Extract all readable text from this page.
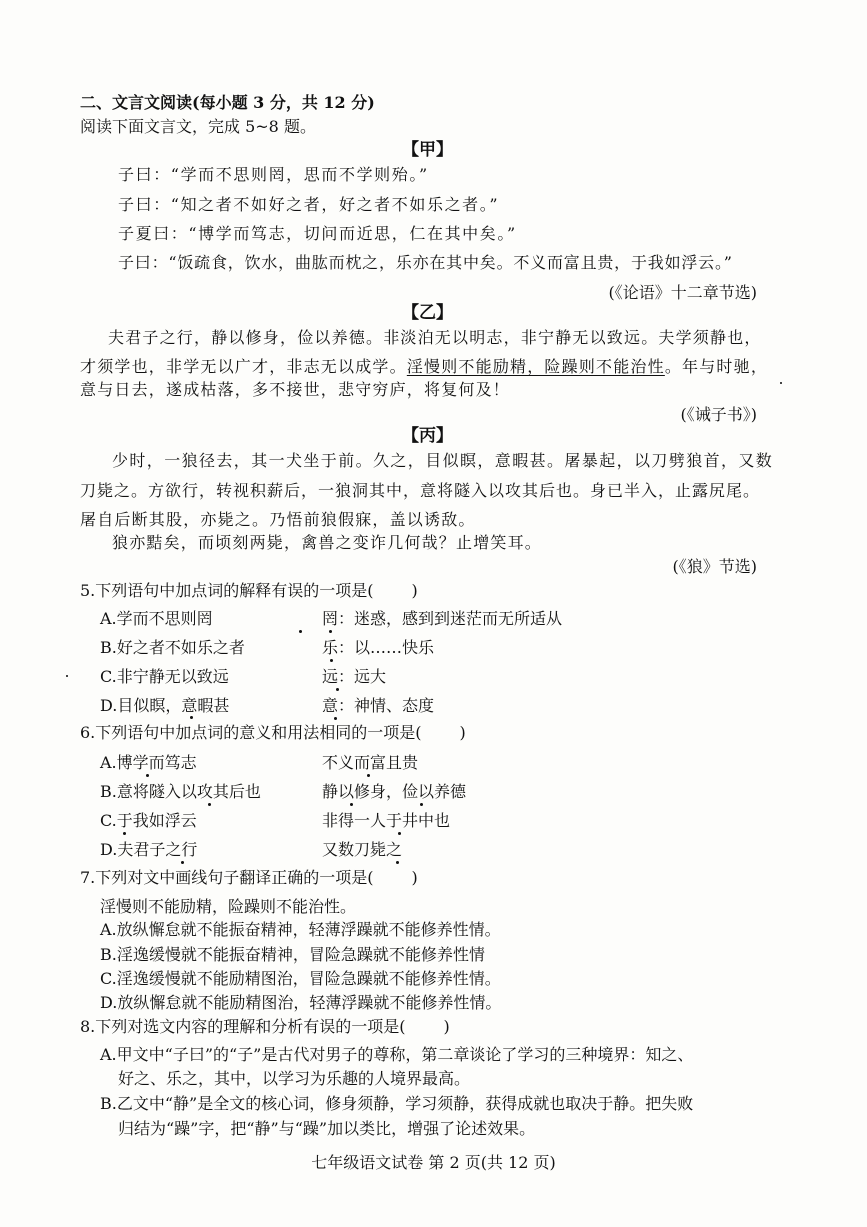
二、文言文阅读(每小题 3 分，共 12 分)
阅读下面文言文，完成 5~8 题。
【甲】
子曰：“学而不思则罔，思而不学则殆。”
子曰：“知之者不如好之者，好之者不如乐之者。”
子夏曰：“博学而笃志，切问而近思，仁在其中矣。”
子曰：“饭疏食，饮水，曲肱而枕之，乐亦在其中矣。不义而富且贵，于我如浮云。”
(《论语》十二章节选)
【乙】
夫君子之行，静以修身，俭以养德。非淡泊无以明志，非宁静无以致远。夫学须静也，
才须学也，非学无以广才，非志无以成学。淫慢则不能励精，险躁则不能治性。年与时驰，
意与日去，遂成枯落，多不接世，悲守穷庐，将复何及！
(《诫子书》)
【丙】
少时，一狼径去，其一犬坐于前。久之，目似瞑，意暇甚。屠暴起，以刀劈狼首，又数
刀毙之。方欲行，转视积薪后，一狼洞其中，意将隧入以攻其后也。身已半入，止露尻尾。
屠自后断其股，亦毙之。乃悟前狼假寐，盖以诱敌。
狼亦黠矣，而顷刻两毙，禽兽之变诈几何哉？止增笑耳。
(《狼》节选)
5.下列语句中加点词的解释有误的一项是( )
A.学而不思则罔	罔：迷惑，感到到迷茫而无所适从
B.好之者不如乐之者	乐：以……快乐
C.非宁静无以致远	远：远大
D.目似瞑，意暇甚	意：神情、态度
6.下列语句中加点词的意义和用法相同的一项是( )
A.博学而笃志	不义而富且贵
B.意将隧入以攻其后也	静以修身，俭以养德
C.于我如浮云	非得一人于井中也
D.夫君子之行	又数刀毙之
7.下列对文中画线句子翻译正确的一项是( )
淫慢则不能励精，险躁则不能治性。
A.放纵懈怠就不能振奋精神，轻薄浮躁就不能修养性情。
B.淫逸缓慢就不能振奋精神，冒险急躁就不能修养性情
C.淫逸缓慢就不能励精图治，冒险急躁就不能修养性情。
D.放纵懈怠就不能励精图治，轻薄浮躁就不能修养性情。
8.下列对选文内容的理解和分析有误的一项是( )
A.甲文中“子曰”的“子”是古代对男子的尊称，第二章谈论了学习的三种境界：知之、
好之、乐之，其中，以学习为乐趣的人境界最高。
B.乙文中“静”是全文的核心词，修身须静，学习须静，获得成就也取决于静。把失败
归结为“躁”字，把“静”与“躁”加以类比，增强了论述效果。
七年级语文试卷 第 2 页(共 12 页)
